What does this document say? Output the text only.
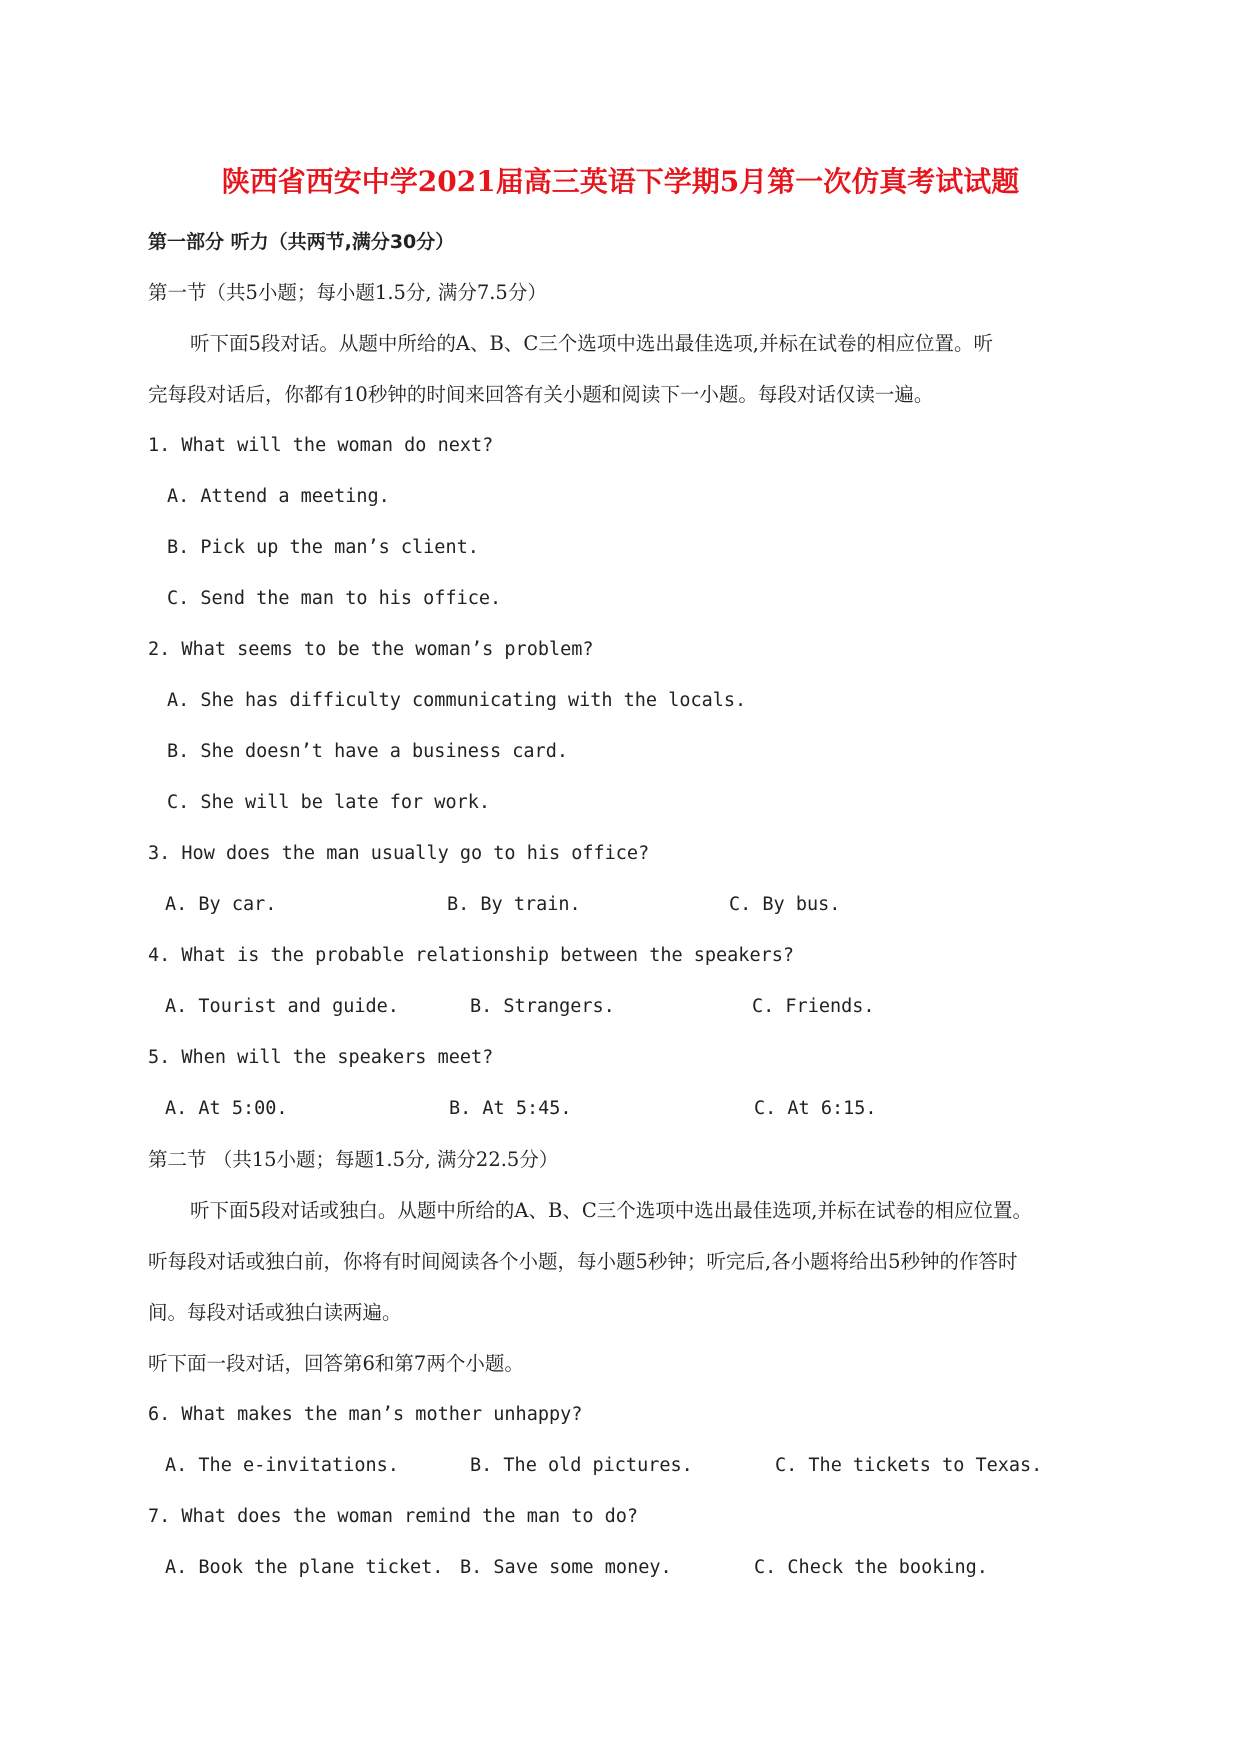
陕西省西安中学2021届高三英语下学期5月第一次仿真考试试题
第一部分 听力（共两节,满分30分）
第一节（共5小题；每小题1.5分, 满分7.5分）
听下面5段对话。从题中所给的A、B、C三个选项中选出最佳选项,并标在试卷的相应位置。听
完每段对话后，你都有10秒钟的时间来回答有关小题和阅读下一小题。每段对话仅读一遍。
1. What will the woman do next?
A. Attend a meeting.
B. Pick up the man’s client.
C. Send the man to his office.
2. What seems to be the woman’s problem?
A. She has difficulty communicating with the locals.
B. She doesn’t have a business card.
C. She will be late for work.
3. How does the man usually go to his office?
A. By car.	B. By train.	C. By bus.
4. What is the probable relationship between the speakers?
A. Tourist and guide.	B. Strangers.	C. Friends.
5. When will the speakers meet?
A. At 5:00.	B. At 5:45.	C. At 6:15.
第二节 （共15小题；每题1.5分, 满分22.5分）
听下面5段对话或独白。从题中所给的A、B、C三个选项中选出最佳选项,并标在试卷的相应位置。
听每段对话或独白前，你将有时间阅读各个小题，每小题5秒钟；听完后,各小题将给出5秒钟的作答时
间。每段对话或独白读两遍。
听下面一段对话，回答第6和第7两个小题。
6. What makes the man’s mother unhappy?
A. The e-invitations.	B. The old pictures.	C. The tickets to Texas.
7. What does the woman remind the man to do?
A. Book the plane ticket. B. Save some money.	C. Check the booking.
